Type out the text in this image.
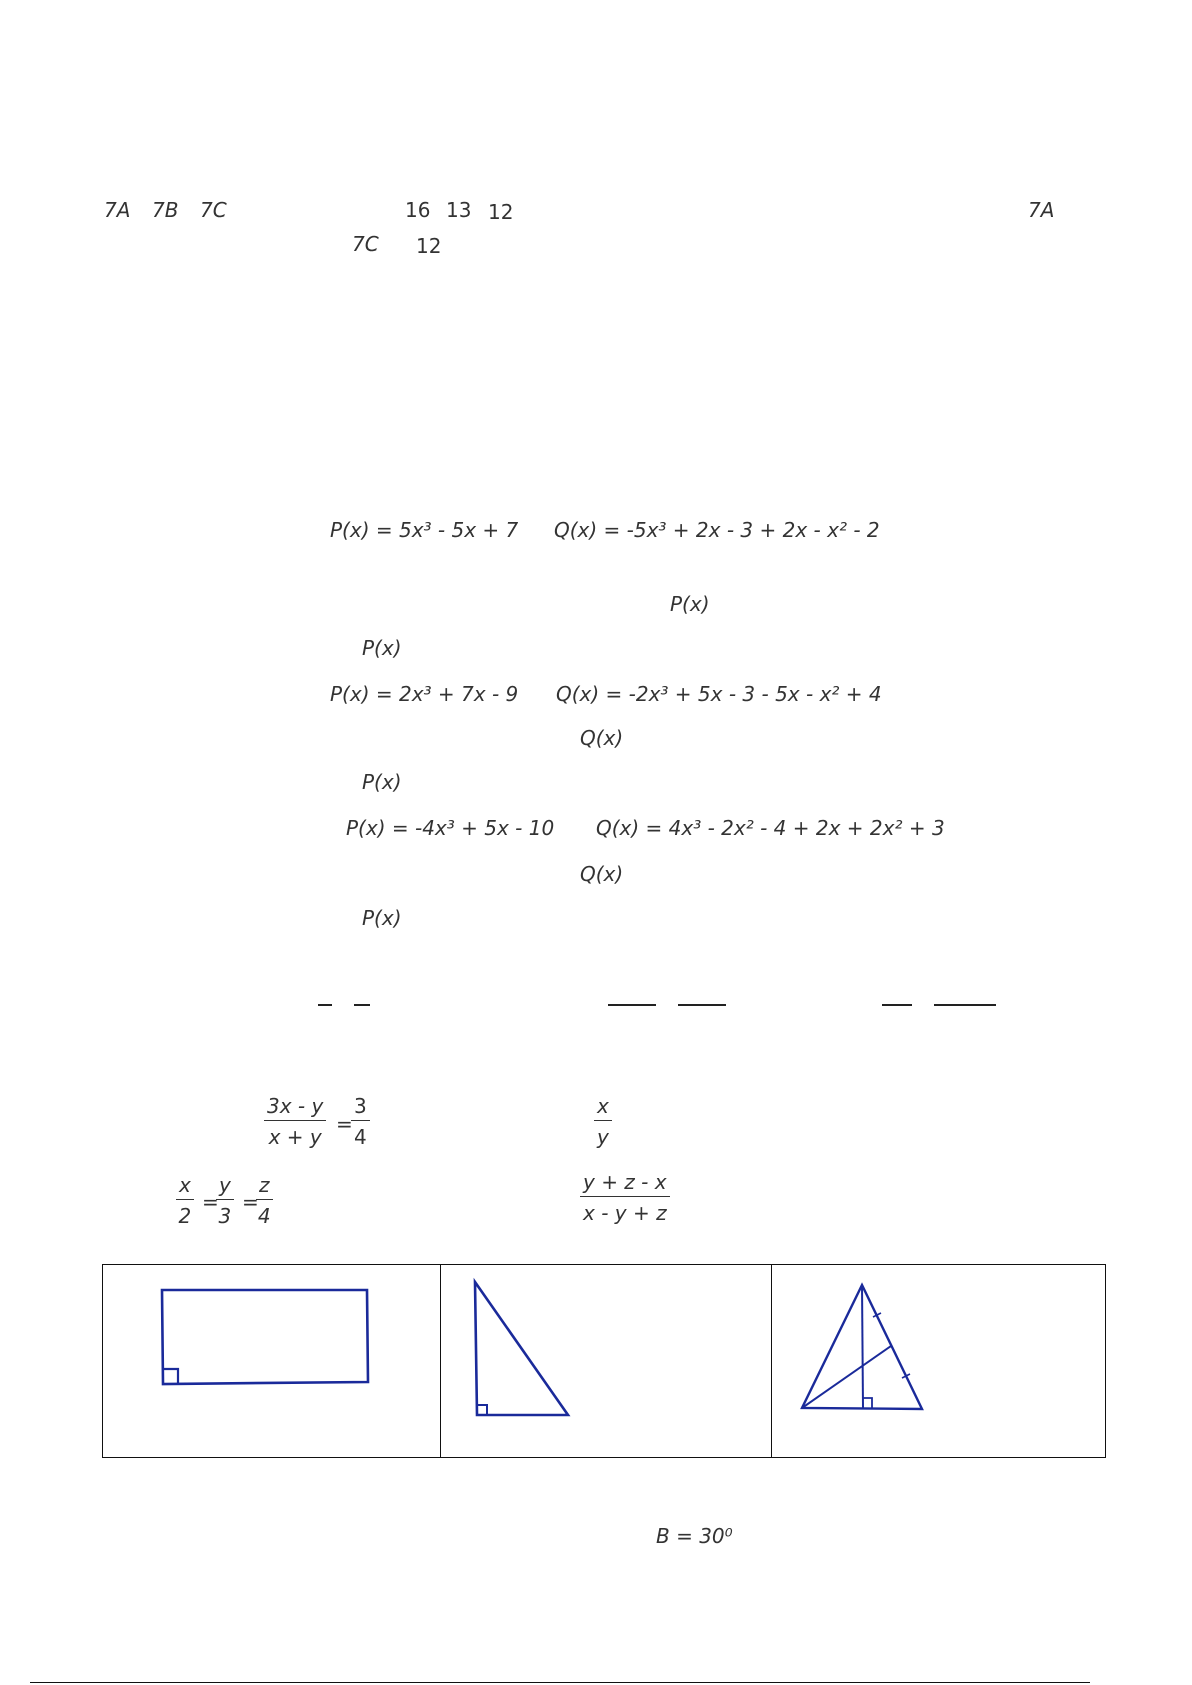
7A 7B 7C	16 13 12	7A
7C 12
P(x) = 5x³ - 5x + 7 Q(x) = -5x³ + 2x - 3 + 2x - x² - 2
P(x)
P(x)
P(x) = 2x³ + 7x - 9 Q(x) = -2x³ + 5x - 3 - 5x - x² + 4
Q(x)
P(x)
P(x) = -4x³ + 5x - 10 Q(x) = 4x³ - 2x² - 4 + 2x + 2x² + 3
Q(x)
P(x)
$\frac{3x - y}{x + y}$ =
$\frac{3}{4}$	$\frac{x}{y}$
$\frac{x}{2}$ =
$\frac{y}{3}$ =
$\frac{z}{4}$	$\frac{y + z - x}{x - y + z}$
B = 30⁰
